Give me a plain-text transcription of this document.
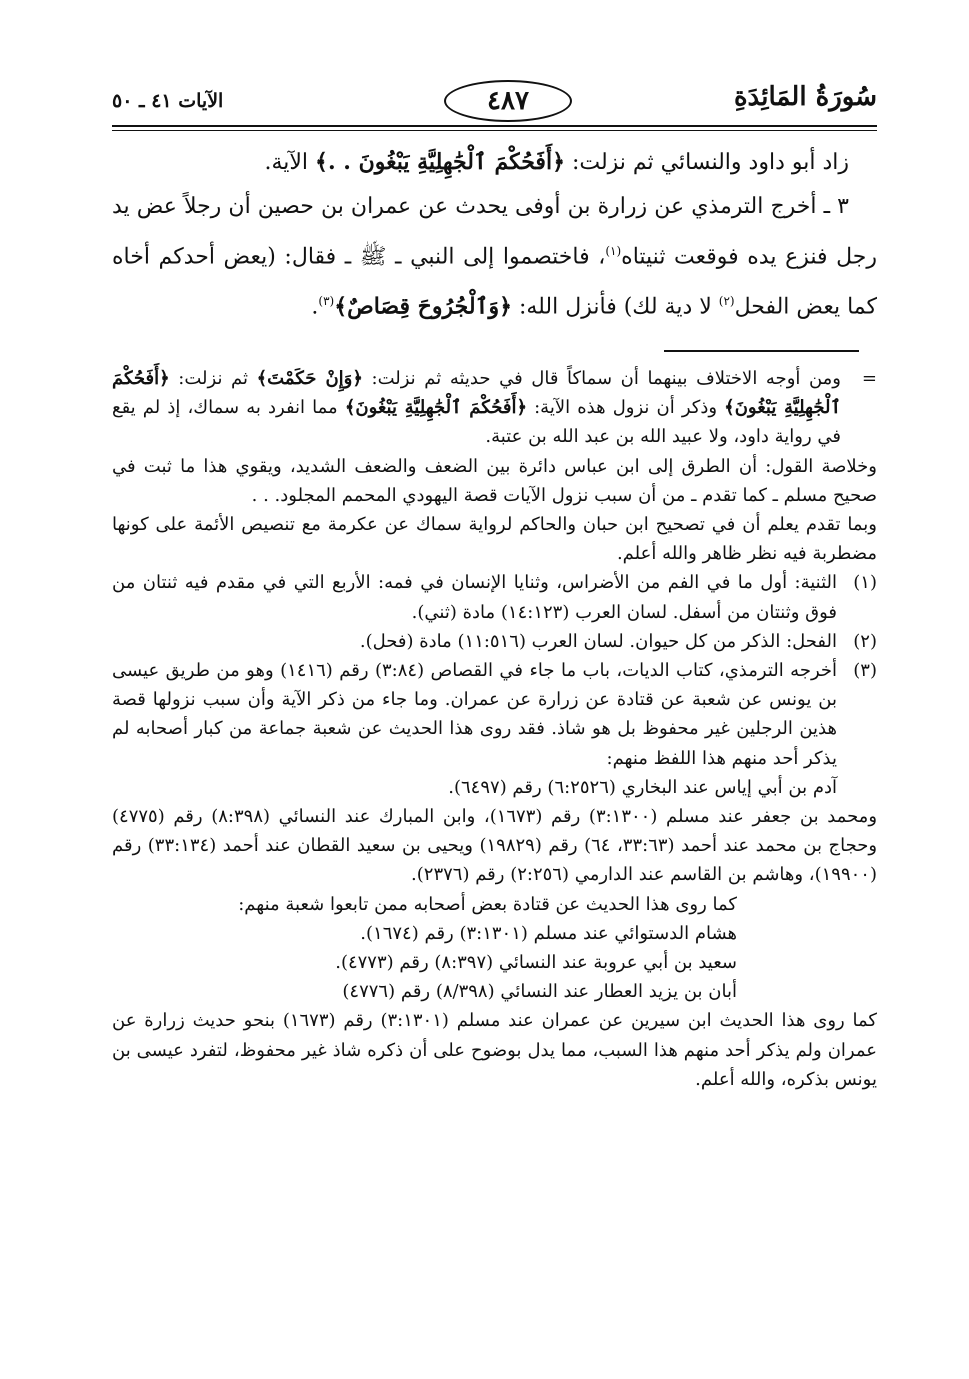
سُورَةُ المَائِدَةِ
٤٨٧
الآيات ٤١ ـ ٥٠

زاد أبو داود والنسائي ثم نزلت: ﴿أَفَحُكْمَ ٱلْجَٰهِلِيَّةِ يَبْغُونَ . .﴾ الآية.

٣ ـ أخرج الترمذي عن زرارة بن أوفى يحدث عن عمران بن حصين أن رجلاً عض يد رجل فنزع يده فوقعت ثنيتاه$^{(١)}$، فاختصموا إلى النبي ـ ﷺ ـ فقال: (يعض أحدكم أخاه كما يعض الفحل$^{(٢)}$ لا دية لك) فأنزل الله: ﴿وَٱلْجُرُوحَ قِصَاصٌ﴾$^{(٣)}$.

=
ومن أوجه الاختلاف بينهما أن سماكاً قال في حديثه ثم نزلت: ﴿وَإِنْ حَكَمْتَ﴾ ثم نزلت: ﴿أَفَحُكْمَ ٱلْجَٰهِلِيَّةِ يَبْغُونَ﴾ وذكر أن نزول هذه الآية: ﴿أَفَحُكْمَ ٱلْجَٰهِلِيَّةِ يَبْغُونَ﴾ مما انفرد به سماك، إذ لم يقع في رواية داود، ولا عبيد الله بن عبد الله بن عتبة.

وخلاصة القول: أن الطرق إلى ابن عباس دائرة بين الضعف والضعف الشديد، ويقوي هذا ما ثبت في صحيح مسلم ـ كما تقدم ـ من أن سبب نزول الآيات قصة اليهودي المحمم المجلود. . .

وبما تقدم يعلم أن في تصحيح ابن حبان والحاكم لرواية سماك عن عكرمة مع تنصيص الأئمة على كونها مضطربة فيه نظر ظاهر والله أعلم.

(١)
الثنية: أول ما في الفم من الأضراس، وثنايا الإنسان في فمه: الأربع التي في مقدم فيه ثنتان من فوق وثنتان من أسفل. لسان العرب (١٤:١٢٣) مادة (ثني).

(٢)
الفحل: الذكر من كل حيوان. لسان العرب (١١:٥١٦) مادة (فحل).

(٣)
أخرجه الترمذي، كتاب الديات، باب ما جاء في القصاص (٣:٨٤) رقم (١٤١٦) وهو من طريق عيسى بن يونس عن شعبة عن قتادة عن زرارة عن عمران. وما جاء من ذكر الآية وأن سبب نزولها قصة هذين الرجلين غير محفوظ بل هو شاذ. فقد روى هذا الحديث عن شعبة جماعة من كبار أصحابه لم يذكر أحد منهم هذا اللفظ منهم:

آدم بن أبي إياس عند البخاري (٦:٢٥٢٦) رقم (٦٤٩٧).

ومحمد بن جعفر عند مسلم (٣:١٣٠٠) رقم (١٦٧٣)، وابن المبارك عند النسائي (٨:٣٩٨) رقم (٤٧٧٥) وحجاج بن محمد عند أحمد (٣٣:٦٣، ٦٤) رقم (١٩٨٢٩) ويحيى بن سعيد القطان عند أحمد (٣٣:١٣٤) رقم (١٩٩٠٠)، وهاشم بن القاسم عند الدارمي (٢:٢٥٦) رقم (٢٣٧٦).

كما روى هذا الحديث عن قتادة بعض أصحابه ممن تابعوا شعبة منهم:

هشام الدستوائي عند مسلم (٣:١٣٠١) رقم (١٦٧٤).

سعيد بن أبي عروبة عند النسائي (٨:٣٩٧) رقم (٤٧٧٣).

أبان بن يزيد العطار عند النسائي (٨/٣٩٨) رقم (٤٧٧٦)

كما روى هذا الحديث ابن سيرين عن عمران عند مسلم (٣:١٣٠١) رقم (١٦٧٣) بنحو حديث زرارة عن عمران ولم يذكر أحد منهم هذا السبب، مما يدل بوضوح على أن ذكره شاذ غير محفوظ، لتفرد عيسى بن يونس بذكره، والله أعلم.
